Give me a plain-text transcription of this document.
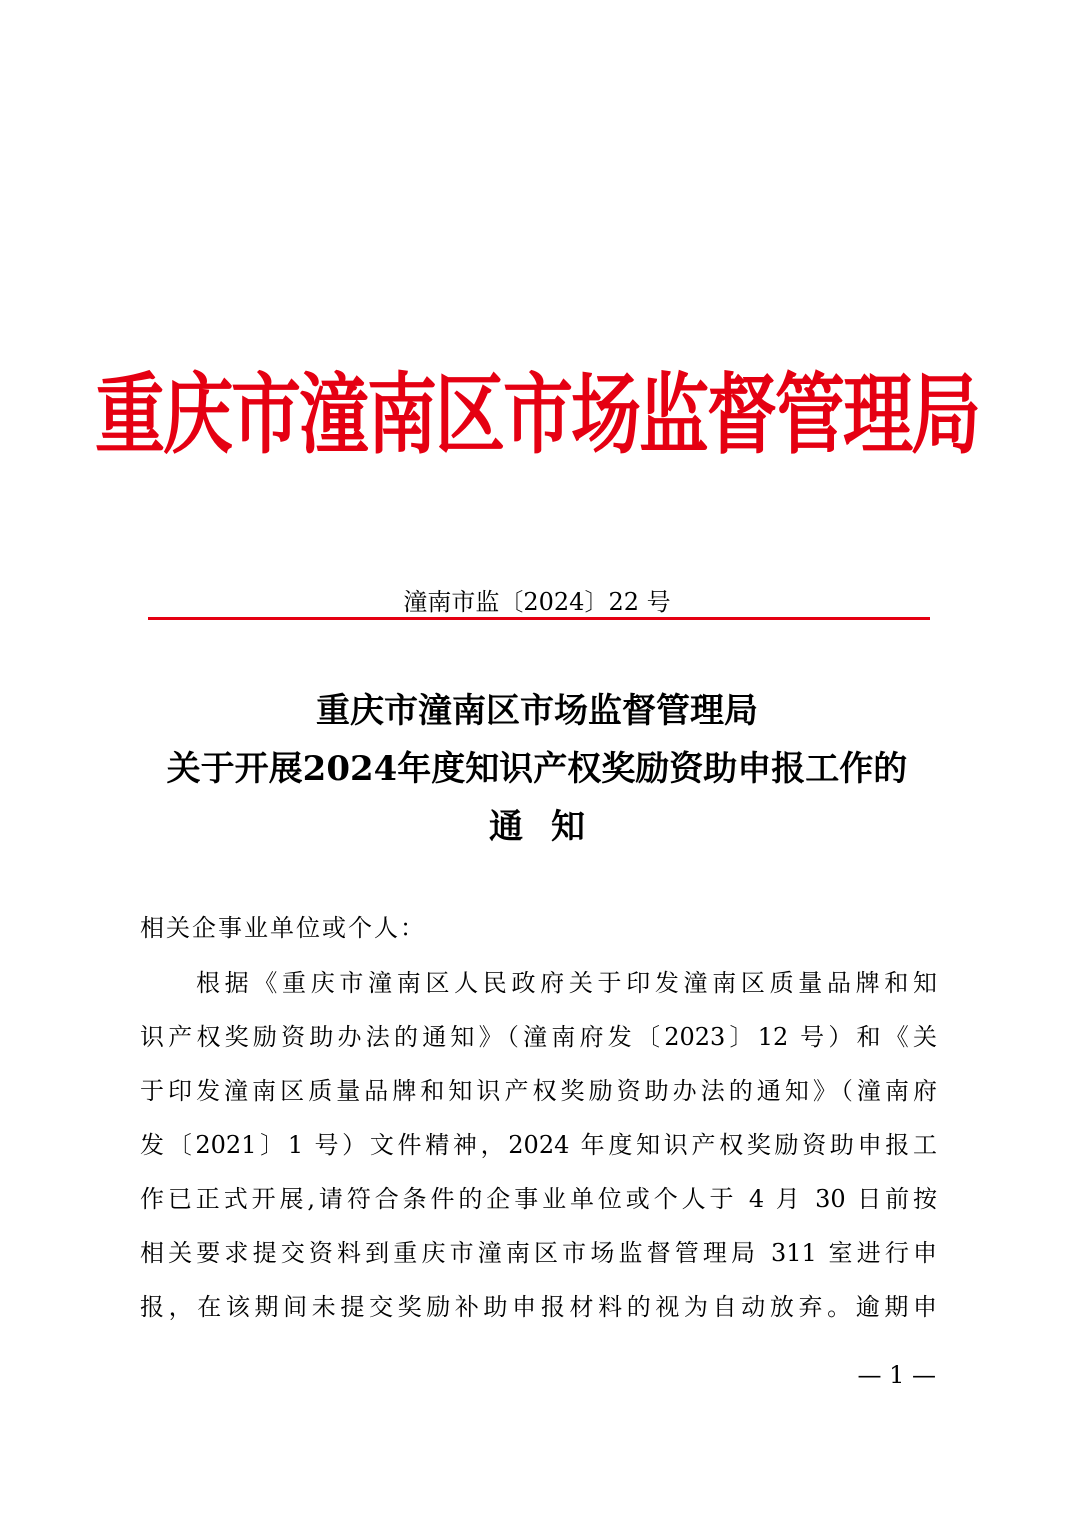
重庆市潼南区市场监督管理局
潼南市监〔2024〕22 号
重庆市潼南区市场监督管理局
关于开展2024年度知识产权奖励资助申报工作的
通知
相关企事业单位或个人：
根据《重庆市潼南区人民政府关于印发潼南区质量品牌和知
识产权奖励资助办法的通知》（潼南府发〔2023〕12 号）和《关
于印发潼南区质量品牌和知识产权奖励资助办法的通知》（潼南府
发〔2021〕1 号）文件精神，2024 年度知识产权奖励资助申报工
作已正式开展,请符合条件的企事业单位或个人于 4 月 30 日前按
相关要求提交资料到重庆市潼南区市场监督管理局 311 室进行申
报，在该期间未提交奖励补助申报材料的视为自动放弃。逾期申
— 1 —
